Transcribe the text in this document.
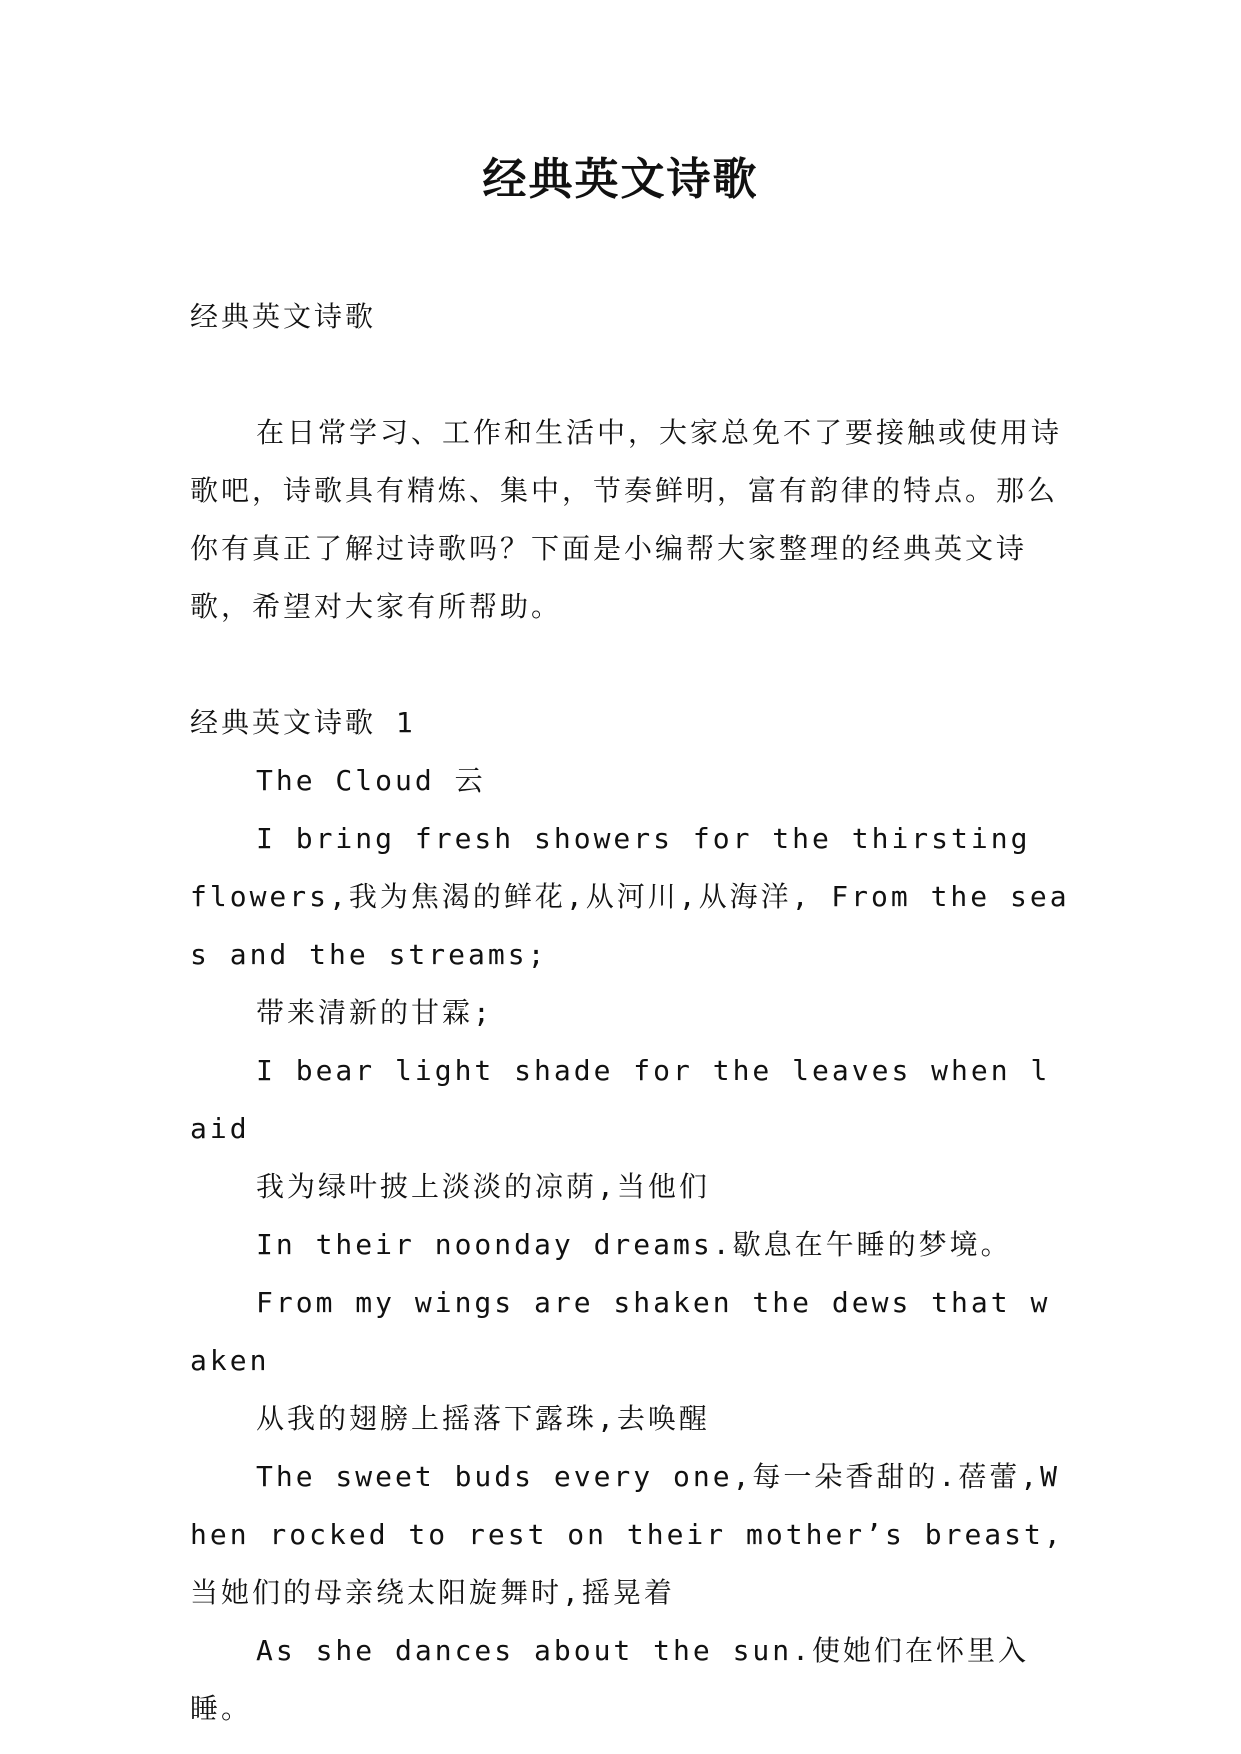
经典英文诗歌

经典英文诗歌

在日常学习、工作和生活中，大家总免不了要接触或使用诗歌吧，诗歌具有精炼、集中，节奏鲜明，富有韵律的特点。那么你有真正了解过诗歌吗？下面是小编帮大家整理的经典英文诗歌，希望对大家有所帮助。

经典英文诗歌 1

The Cloud 云

I bring fresh showers for the thirsting flowers,我为焦渴的鲜花,从河川,从海洋, From the seas and the streams;

带来清新的甘霖;

I bear light shade for the leaves when laid

我为绿叶披上淡淡的凉荫,当他们

In their noonday dreams.歇息在午睡的梦境。

From my wings are shaken the dews that waken

从我的翅膀上摇落下露珠,去唤醒

The sweet buds every one,每一朵香甜的.蓓蕾,When rocked to rest on their mother’s breast,当她们的母亲绕太阳旋舞时,摇晃着

As she dances about the sun.使她们在怀里入睡。
